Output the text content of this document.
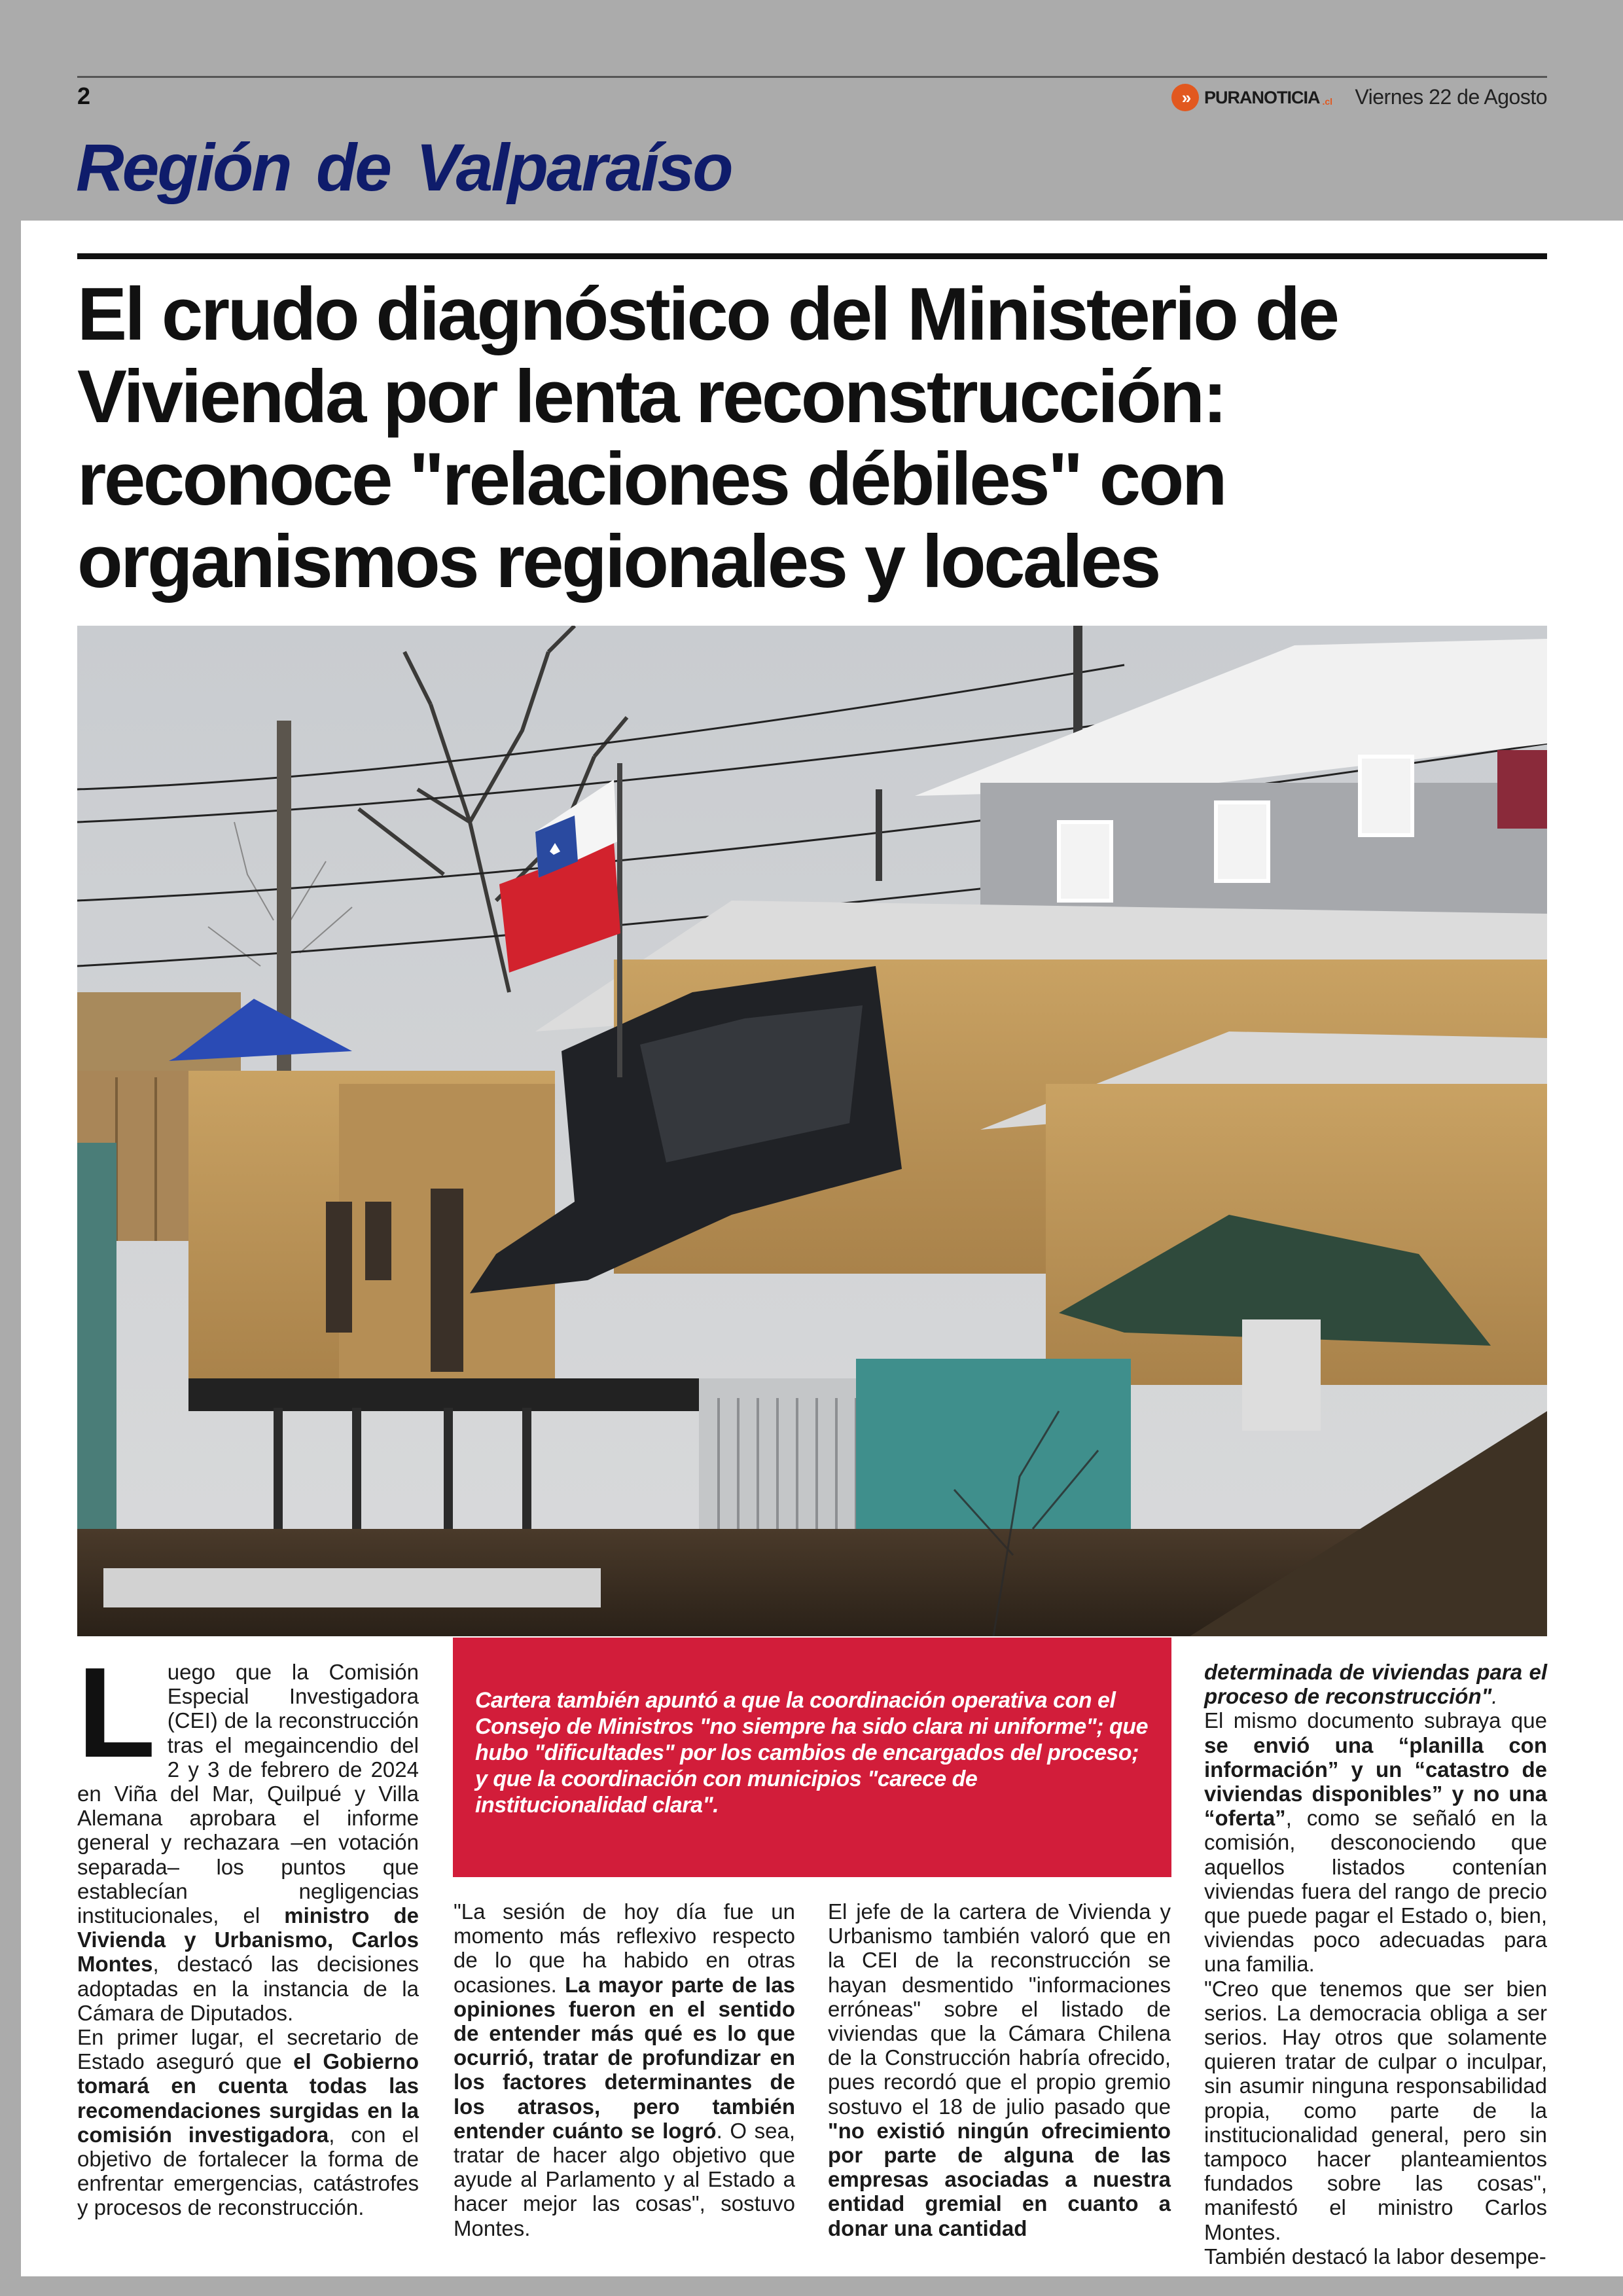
2	» PURANOTICIA .cl Viernes 22 de Agosto
Región de Valparaíso
El crudo diagnóstico del Ministerio de Vivienda por lenta reconstrucción: reconoce "relaciones débiles" con organismos regionales y locales
L uego que la Comisión Especial Investigadora (CEI) de la reconstrucción tras el megaincendio del 2 y 3 de febrero de 2024 en Viña del Mar, Quilpué y Villa Alemana aprobara el informe general y rechazara –en votación separada– los puntos que establecían negligencias institucionales, el ministro de Vivienda y Urbanismo, Carlos Montes, destacó las decisiones adoptadas en la instancia de la Cámara de Diputados.

En primer lugar, el secretario de Estado aseguró que el Gobierno tomará en cuenta todas las recomendaciones surgidas en la comisión investigadora, con el objetivo de fortalecer la forma de enfrentar emergencias, catástrofes y procesos de reconstrucción.

Cartera también apuntó a que la coordinación operativa con el Consejo de Ministros "no siempre ha sido clara ni uniforme"; que hubo "dificultades" por los cambios de encargados del proceso; y que la coordinación con municipios "carece de institucionalidad clara".

"La sesión de hoy día fue un momento más reflexivo respecto de lo que ha habido en otras ocasiones. La mayor parte de las opiniones fueron en el sentido de entender más qué es lo que ocurrió, tratar de profundizar en los factores determinantes de los atrasos, pero también entender cuánto se logró. O sea, tratar de hacer algo objetivo que ayude al Parlamento y al Estado a hacer mejor las cosas", sostuvo Montes.

El jefe de la cartera de Vivienda y Urbanismo también valoró que en la CEI de la reconstrucción se hayan desmentido "informaciones erróneas" sobre el listado de viviendas que la Cámara Chilena de la Construcción habría ofrecido, pues recordó que el propio gremio sostuvo el 18 de julio pasado que "no existió ningún ofrecimiento por parte de alguna de las empresas asociadas a nuestra entidad gremial en cuanto a donar una cantidad

determinada de viviendas para el proceso de reconstrucción".

El mismo documento subraya que se envió una “planilla con información” y un “catastro de viviendas disponibles” y no una “oferta”, como se señaló en la comisión, desconociendo que aquellos listados contenían viviendas fuera del rango de precio que puede pagar el Estado o, bien, viviendas poco adecuadas para una familia.

"Creo que tenemos que ser bien serios. La democracia obliga a ser serios. Hay otros que solamente quieren tratar de culpar o inculpar, sin asumir ninguna responsabilidad propia, como parte de la institucionalidad general, pero sin tampoco hacer planteamientos fundados sobre las cosas", manifestó el ministro Carlos Montes.

También destacó la labor desempe-
